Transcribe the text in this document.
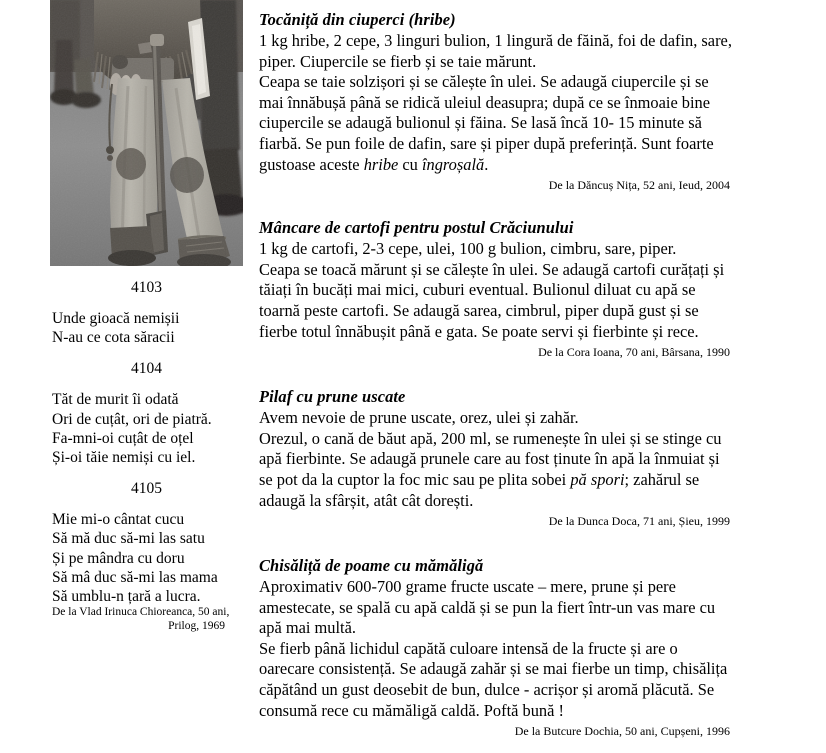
4103
Unde gioacă nemișii
N-au ce cota săracii
4104
Tăt de murit îi odată
Ori de cuțât, ori de piatră.
Fa-mni-oi cuțât de oțel
Și-oi tăie nemiși cu iel.
4105
Mie mi-o cântat cucu
Să mă duc să-mi las satu
Și pe mândra cu doru
Să mâ duc să-mi las mama
Să umblu-n țară a lucra.
De la Vlad Irinuca Chioreanca, 50 ani,
Prilog, 1969
Tocăniță din ciuperci (hribe)

1 kg hribe, 2 cepe, 3 linguri bulion, 1 lingură de făină, foi de dafin, sare, piper. Ciupercile se fierb și se taie mărunt.

Ceapa se taie solzișori și se călește în ulei. Se adaugă ciupercile și se mai înnăbușă până se ridică uleiul deasupra; după ce se înmoaie bine ciupercile se adaugă bulionul și făina. Se lasă încă 10- 15 minute să fiarbă. Se pun foile de dafin, sare și piper după preferință. Sunt foarte gustoase aceste hribe cu îngroșală.

De la Dăncuș Nița, 52 ani, Ieud, 2004
Mâncare de cartofi pentru postul Crăciunului

1 kg de cartofi, 2-3 cepe, ulei, 100 g bulion, cimbru, sare, piper.

Ceapa se toacă mărunt și se călește în ulei. Se adaugă cartofi curățați și tăiați în bucăți mai mici, cuburi eventual. Bulionul diluat cu apă se toarnă peste cartofi. Se adaugă sarea, cimbrul, piper după gust și se fierbe totul înnăbușit până e gata. Se poate servi și fierbinte și rece.

De la Cora Ioana, 70 ani, Bârsana, 1990
Pilaf cu prune uscate

Avem nevoie de prune uscate, orez, ulei și zahăr.

Orezul, o cană de băut apă, 200 ml, se rumenește în ulei și se stinge cu apă fierbinte. Se adaugă prunele care au fost ținute în apă la înmuiat și se pot da la cuptor la foc mic sau pe plita sobei pă spori; zahărul se adaugă la sfârșit, atât cât dorești.

De la Dunca Doca, 71 ani, Șieu, 1999
Chisăliță de poame cu mămăligă

Aproximativ 600-700 grame fructe uscate – mere, prune și pere amestecate, se spală cu apă caldă și se pun la fiert într-un vas mare cu apă mai multă.

Se fierb până lichidul capătă culoare intensă de la fructe și are o oarecare consistență. Se adaugă zahăr și se mai fierbe un timp, chisălița căpătând un gust deosebit de bun, dulce - acrișor și aromă plăcută. Se consumă rece cu mămăligă caldă. Poftă bună !

De la Butcure Dochia, 50 ani, Cupșeni, 1996
